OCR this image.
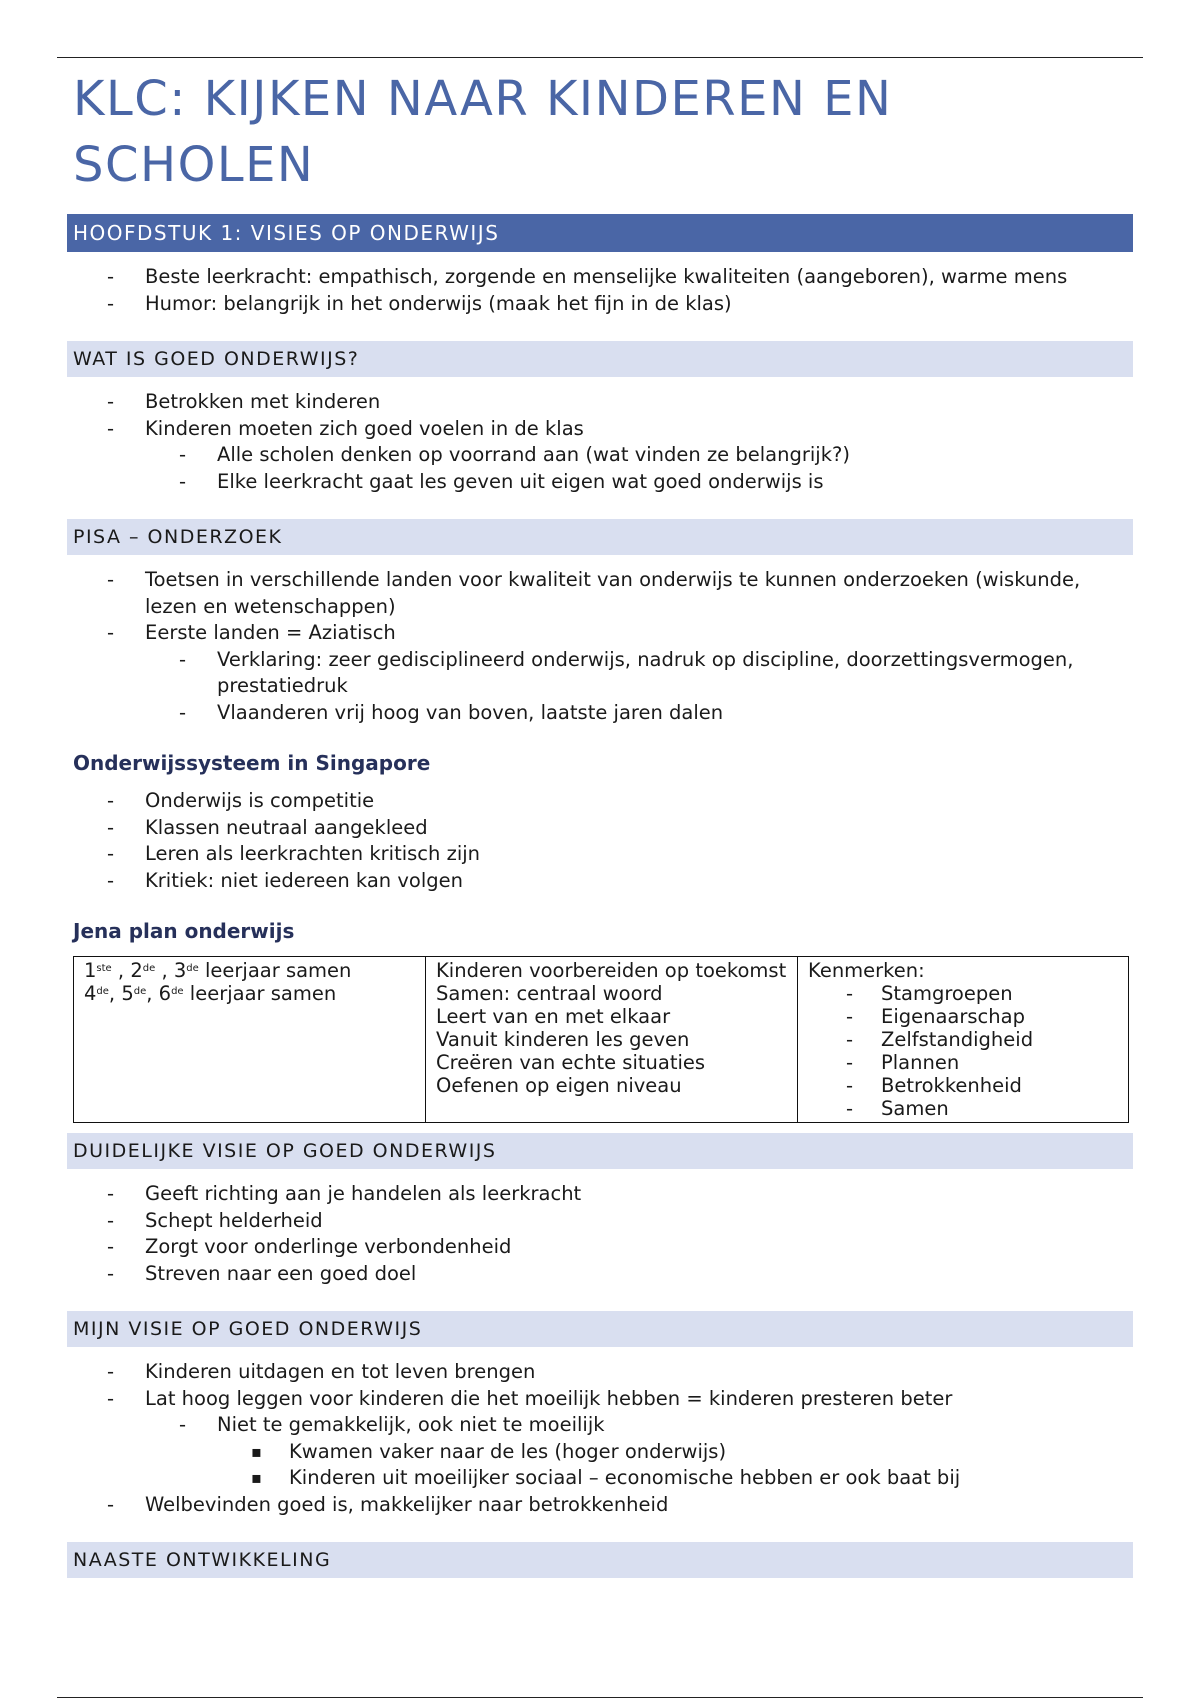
KLC: KIJKEN NAAR KINDEREN EN SCHOLEN
HOOFDSTUK 1: VISIES OP ONDERWIJS
- Beste leerkracht: empathisch, zorgende en menselijke kwaliteiten (aangeboren), warme mens
- Humor: belangrijk in het onderwijs (maak het fijn in de klas)
WAT IS GOED ONDERWIJS?
- Betrokken met kinderen
- Kinderen moeten zich goed voelen in de klas
- Alle scholen denken op voorrand aan (wat vinden ze belangrijk?)
- Elke leerkracht gaat les geven uit eigen wat goed onderwijs is
PISA – ONDERZOEK
- Toetsen in verschillende landen voor kwaliteit van onderwijs te kunnen onderzoeken (wiskunde, lezen en wetenschappen)
- Eerste landen = Aziatisch
- Verklaring: zeer gedisciplineerd onderwijs, nadruk op discipline, doorzettingsvermogen, prestatiedruk
- Vlaanderen vrij hoog van boven, laatste jaren dalen
Onderwijssysteem in Singapore
- Onderwijs is competitie
- Klassen neutraal aangekleed
- Leren als leerkrachten kritisch zijn
- Kritiek: niet iedereen kan volgen
Jena plan onderwijs
1ste , 2de , 3de leerjaar samen
4de, 5de, 6de leerjaar samen

Kinderen voorbereiden op toekomst
Samen: centraal woord
Leert van en met elkaar
Vanuit kinderen les geven
Creëren van echte situaties
Oefenen op eigen niveau

Kenmerken:
- Stamgroepen
- Eigenaarschap
- Zelfstandigheid
- Plannen
- Betrokkenheid
- Samen
DUIDELIJKE VISIE OP GOED ONDERWIJS
- Geeft richting aan je handelen als leerkracht
- Schept helderheid
- Zorgt voor onderlinge verbondenheid
- Streven naar een goed doel
MIJN VISIE OP GOED ONDERWIJS
- Kinderen uitdagen en tot leven brengen
- Lat hoog leggen voor kinderen die het moeilijk hebben = kinderen presteren beter
- Niet te gemakkelijk, ook niet te moeilijk
▪ Kwamen vaker naar de les (hoger onderwijs)
▪ Kinderen uit moeilijker sociaal – economische hebben er ook baat bij
- Welbevinden goed is, makkelijker naar betrokkenheid
NAASTE ONTWIKKELING
